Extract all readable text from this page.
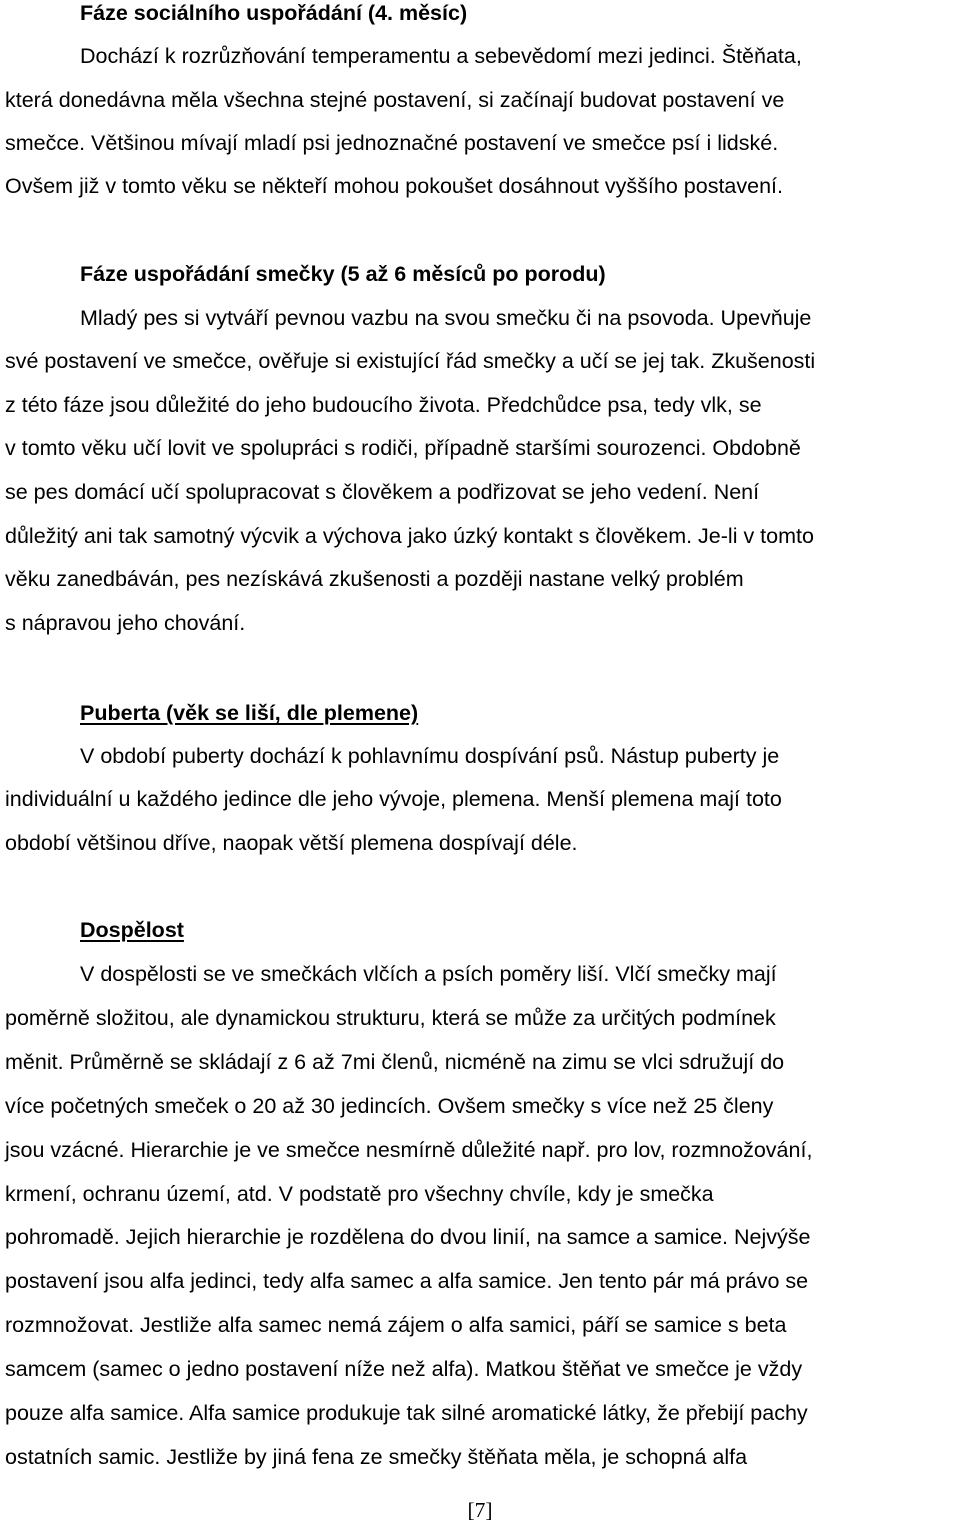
Fáze sociálního uspořádání (4. měsíc)
Dochází k rozrůzňování temperamentu a sebevědomí mezi jedinci. Štěňata,
která donedávna měla všechna stejné postavení, si začínají budovat postavení ve
smečce. Většinou mívají mladí psi jednoznačné postavení ve smečce psí i lidské.
Ovšem již v tomto věku se někteří mohou pokoušet dosáhnout vyššího postavení.
Fáze uspořádání smečky (5 až 6 měsíců po porodu)
Mladý pes si vytváří pevnou vazbu na svou smečku či na psovoda. Upevňuje
své postavení ve smečce, ověřuje si existující řád smečky a učí se jej tak. Zkušenosti
z této fáze jsou důležité do jeho budoucího života. Předchůdce psa, tedy vlk, se
v tomto věku učí lovit ve spolupráci s rodiči, případně staršími sourozenci. Obdobně
se pes domácí učí spolupracovat s člověkem a podřizovat se jeho vedení. Není
důležitý ani tak samotný výcvik a výchova jako úzký kontakt s člověkem. Je-li v tomto
věku zanedbáván, pes nezískává zkušenosti a později nastane velký problém
s nápravou jeho chování.
Puberta (věk se liší, dle plemene)
V období puberty dochází k pohlavnímu dospívání psů. Nástup puberty je
individuální u každého jedince dle jeho vývoje, plemena. Menší plemena mají toto
období většinou dříve, naopak větší plemena dospívají déle.
Dospělost
V dospělosti se ve smečkách vlčích a psích poměry liší. Vlčí smečky mají
poměrně složitou, ale dynamickou strukturu, která se může za určitých podmínek
měnit. Průměrně se skládají z 6 až 7mi členů, nicméně na zimu se vlci sdružují do
více početných smeček o 20 až 30 jedincích. Ovšem smečky s více než 25 členy
jsou vzácné. Hierarchie je ve smečce nesmírně důležité např. pro lov, rozmnožování,
krmení, ochranu území, atd. V podstatě pro všechny chvíle, kdy je smečka
pohromadě. Jejich hierarchie je rozdělena do dvou linií, na samce a samice. Nejvýše
postavení jsou alfa jedinci, tedy alfa samec a alfa samice. Jen tento pár má právo se
rozmnožovat. Jestliže alfa samec nemá zájem o alfa samici, páří se samice s beta
samcem (samec o jedno postavení níže než alfa). Matkou štěňat ve smečce je vždy
pouze alfa samice. Alfa samice produkuje tak silné aromatické látky, že přebijí pachy
ostatních samic. Jestliže by jiná fena ze smečky štěňata měla, je schopná alfa
[7]
